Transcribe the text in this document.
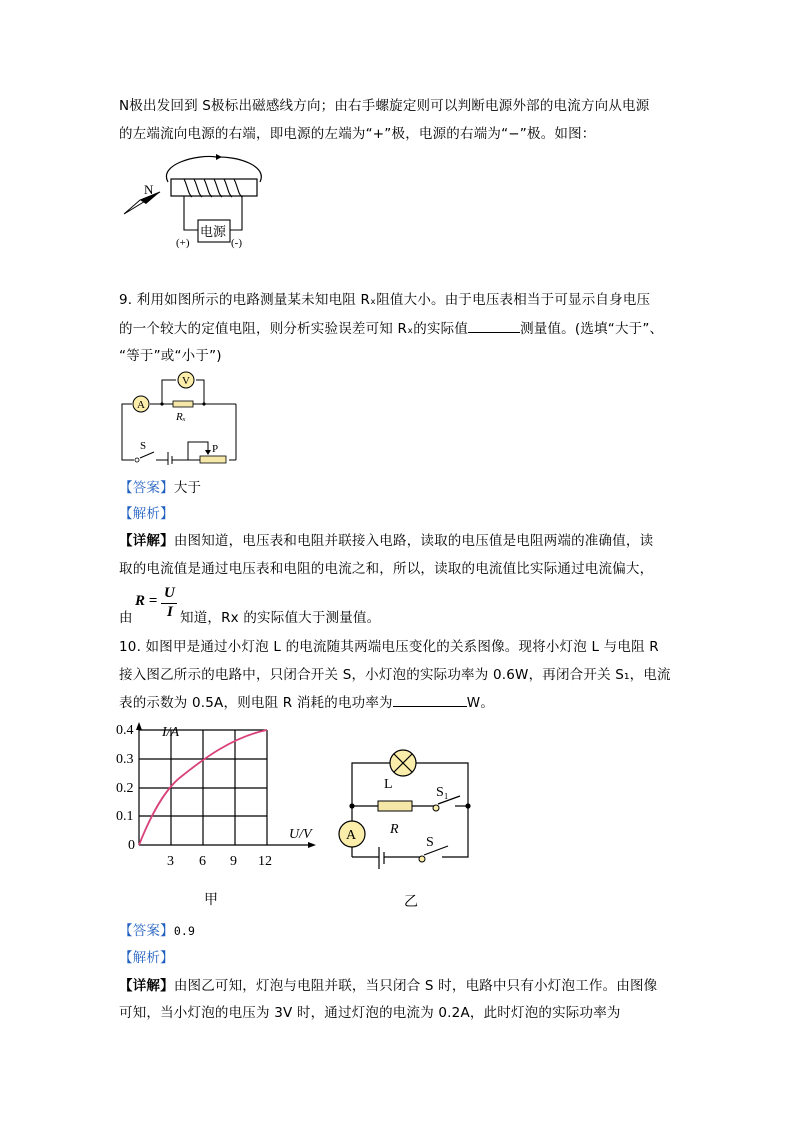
N极出发回到 S极标出磁感线方向；由右手螺旋定则可以判断电源外部的电流方向从电源
的左端流向电源的右端，即电源的左端为“+”极，电源的右端为“−”极。如图：
电源
(+)	(-)
N
9. 利用如图所示的电路测量某未知电阻 Rₓ阻值大小。由于电压表相当于可显示自身电压
的一个较大的定值电阻，则分析实验误差可知 Rₓ的实际值	测量值。(选填“大于”、
“等于”或“小于”)
V
A
Rₓ
S	P
【答案】大于
【解析】
【详解】由图知道，电压表和电阻并联接入电路，读取的电压值是电阻两端的准确值，读
取的电流值是通过电压表和电阻的电流之和，所以，读取的电流值比实际通过电流偏大，
由
R = U
I 知道，Rx 的实际值大于测量值。
10. 如图甲是通过小灯泡 L 的电流随其两端电压变化的关系图像。现将小灯泡 L 与电阻 R
接入图乙所示的电路中，只闭合开关 S，小灯泡的实际功率为 0.6W，再闭合开关 S₁，电流
表的示数为 0.5A，则电阻 R 消耗的电功率为	W。
I/A
0.4
0.3
0.2
0.1
0
3 6 9 12
U/V
甲
L
R
S₁
A	S
乙
【答案】0.9
【解析】
【详解】由图乙可知，灯泡与电阻并联，当只闭合 S 时，电路中只有小灯泡工作。由图像
可知，当小灯泡的电压为 3V 时，通过灯泡的电流为 0.2A，此时灯泡的实际功率为
